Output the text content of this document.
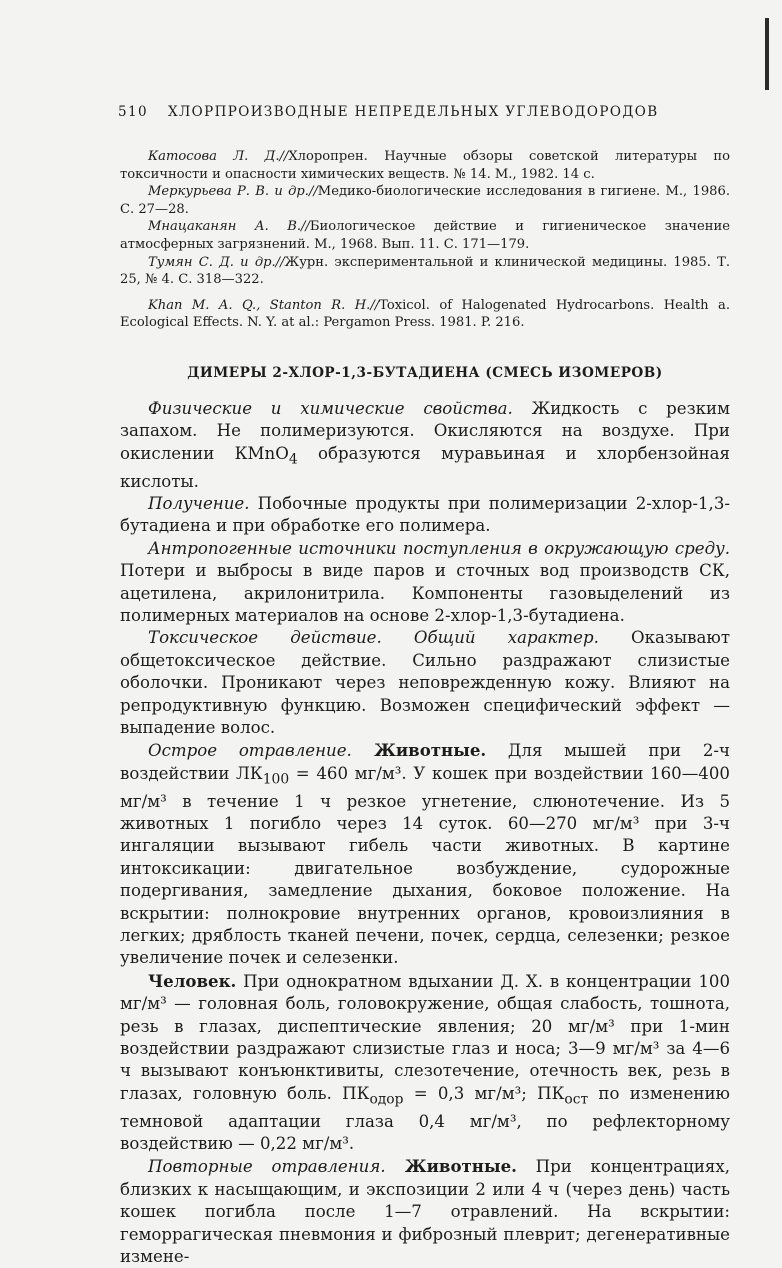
510 ХЛОРПРОИЗВОДНЫЕ НЕПРЕДЕЛЬНЫХ УГЛЕВОДОРОДОВ

Катосова Л. Д.//Хлоропрен. Научные обзоры советской литературы по токсичности и опасности химических веществ. № 14. М., 1982. 14 с.

Меркурьева Р. В. и др.//Медико-биологические исследования в гигиене. М., 1986. С. 27—28.

Мнацаканян А. В.//Биологическое действие и гигиеническое значение атмосферных загрязнений. М., 1968. Вып. 11. С. 171—179.

Тумян С. Д. и др.//Журн. экспериментальной и клинической медицины. 1985. Т. 25, № 4. С. 318—322.

Khan M. A. Q., Stanton R. H.//Toxicol. of Halogenated Hydrocarbons. Health a. Ecological Effects. N. Y. at al.: Pergamon Press. 1981. P. 216.

ДИМЕРЫ 2-ХЛОР-1,3-БУТАДИЕНА (СМЕСЬ ИЗОМЕРОВ)

Физические и химические свойства. Жидкость с резким запахом. Не полимеризуются. Окисляются на воздухе. При окислении КМnО$_4$ образуются муравьиная и хлорбензойная кислоты.

Получение. Побочные продукты при полимеризации 2-хлор-1,3-бутадиена и при обработке его полимера.

Антропогенные источники поступления в окружающую среду. Потери и выбросы в виде паров и сточных вод производств СК, ацетилена, акрилонитрила. Компоненты газовыделений из полимерных материалов на основе 2-хлор-1,3-бутадиена.

Токсическое действие. Общий характер. Оказывают общетоксическое действие. Сильно раздражают слизистые оболочки. Проникают через неповрежденную кожу. Влияют на репродуктивную функцию. Возможен специфический эффект — выпадение волос.

Острое отравление. Животные. Для мышей при 2-ч воздействии $ЛК_{100} = 460$ мг/м³. У кошек при воздействии 160—400 мг/м³ в течение 1 ч резкое угнетение, слюнотечение. Из 5 животных 1 погибло через 14 суток. 60—270 мг/м³ при 3-ч ингаляции вызывают гибель части животных. В картине интоксикации: двигательное возбуждение, судорожные подергивания, замедление дыхания, боковое положение. На вскрытии: полнокровие внутренних органов, кровоизлияния в легких; дряблость тканей печени, почек, сердца, селезенки; резкое увеличение почек и селезенки.

Человек. При однократном вдыхании Д. Х. в концентрации 100 мг/м³ — головная боль, головокружение, общая слабость, тошнота, резь в глазах, диспептические явления; 20 мг/м³ при 1-мин воздействии раздражают слизистые глаз и носа; 3—9 мг/м³ за 4—6 ч вызывают конъюнктивиты, слезотечение, отечность век, резь в глазах, головную боль. $ПК_{одор} = 0,3$ мг/м³; $ПК_{ост}$ по изменению темновой адаптации глаза 0,4 мг/м³, по рефлекторному воздействию — 0,22 мг/м³.

Повторные отравления. Животные. При концентрациях, близких к насыщающим, и экспозиции 2 или 4 ч (через день) часть кошек погибла после 1—7 отравлений. На вскрытии: геморрагическая пневмония и фиброзный плеврит; дегенеративные измене-
